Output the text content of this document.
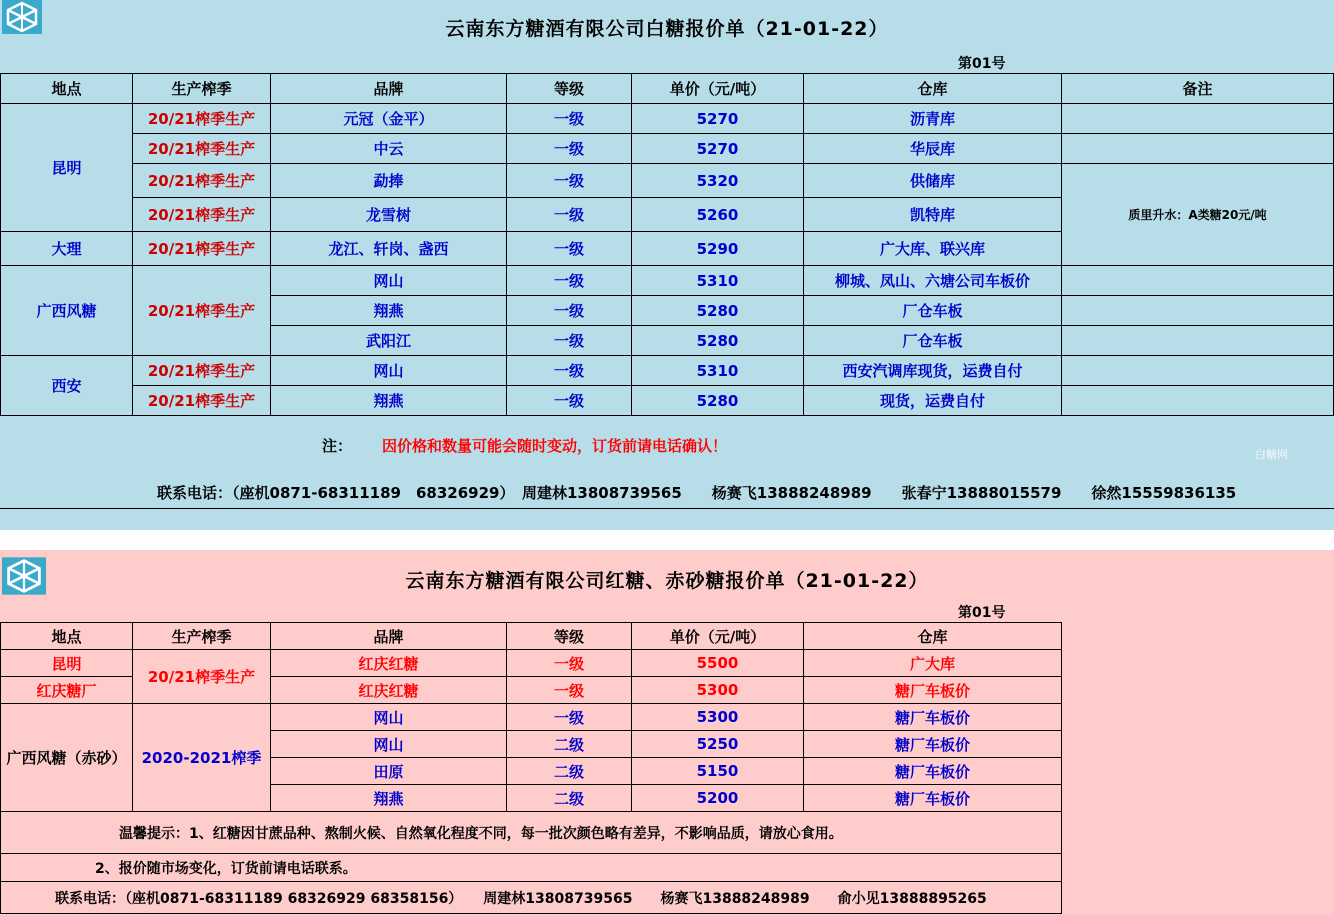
云南东方糖酒有限公司白糖报价单（21-01-22）
第01号
地点	生产榨季	品牌	等级	单价（元/吨）	仓库	备注
昆明	20/21榨季生产	元冠（金平）	一级	5270	沥青库	
	20/21榨季生产	中云	一级	5270	华辰库	
	20/21榨季生产	勐捧	一级	5320	供储库	质里升水：A类糖20元/吨
	20/21榨季生产	龙雪树	一级	5260	凯特库	
大理	20/21榨季生产	龙江、轩岗、盏西	一级	5290	广大库、联兴库	
广西风糖	20/21榨季生产	网山	一级	5310	柳城、凤山、六塘公司车板价	
		翔燕	一级	5280	厂仓车板	
		武阳江	一级	5280	厂仓车板	
西安	20/21榨季生产	网山	一级	5310	西安汽调库现货，运费自付	
	20/21榨季生产	翔燕	一级	5280	现货，运费自付	
注： 因价格和数量可能会随时变动，订货前请电话确认！	白糖网
联系电话：（座机0871-68311189　68326929）　周建林13808739565　　杨赛飞13888248989　　张春宁13888015579　　徐然15559836135
云南东方糖酒有限公司红糖、赤砂糖报价单（21-01-22）
第01号
地点	生产榨季	品牌	等级	单价（元/吨）	仓库
昆明	20/21榨季生产	红庆红糖	一级	5500	广大库
红庆糖厂		红庆红糖	一级	5300	糖厂车板价
广西风糖（赤砂）	2020-2021榨季	网山	一级	5300	糖厂车板价
		网山	二级	5250	糖厂车板价
		田原	二级	5150	糖厂车板价
		翔燕	二级	5200	糖厂车板价
温馨提示：1、红糖因甘蔗品种、熬制火候、自然氧化程度不同，每一批次颜色略有差异，不影响品质，请放心食用。					
2、报价随市场变化，订货前请电话联系。					
联系电话：（座机0871-68311189 68326929 68358156）　　周建林13808739565　　杨赛飞13888248989　　俞小见13888895265					
